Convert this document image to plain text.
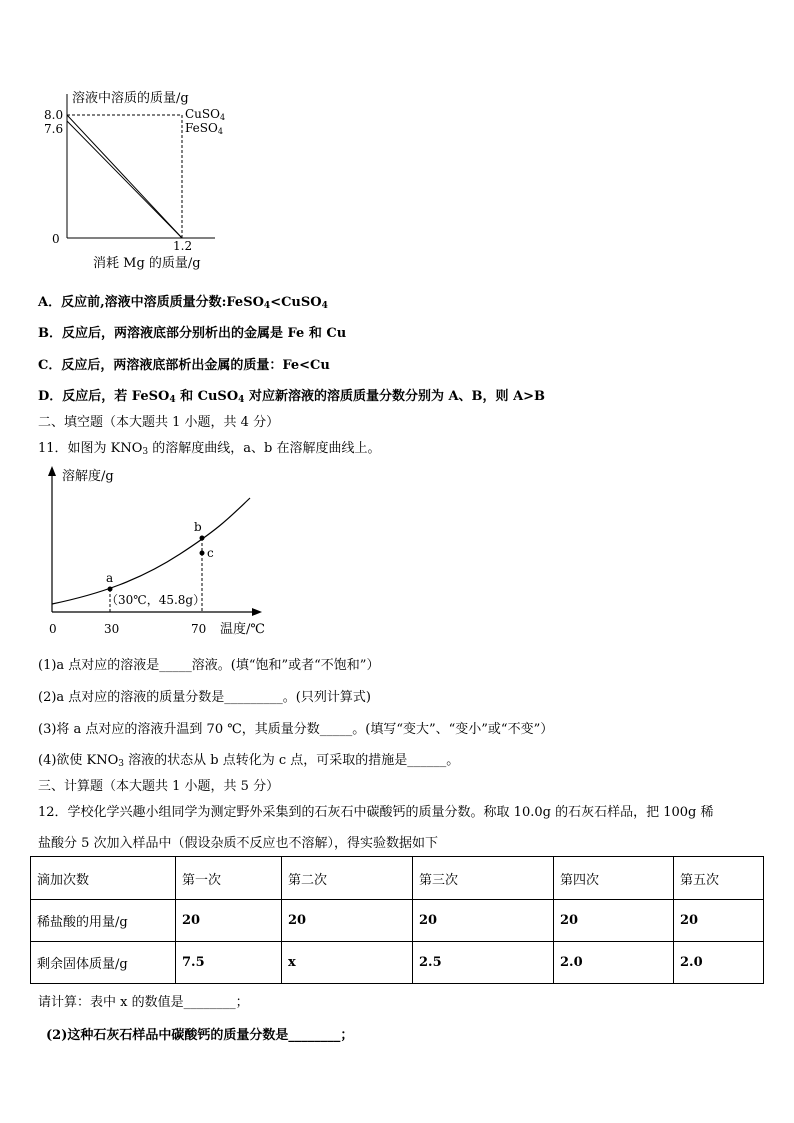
溶液中溶质的质量/g
8.0
7.6
0	1.2
消耗 Mg 的质量/g
CuSO4
FeSO4
A．反应前,溶液中溶质质量分数:FeSO$_4$<CuSO$_4$
B．反应后，两溶液底部分别析出的金属是 Fe 和 Cu
C．反应后，两溶液底部析出金属的质量：Fe<Cu
D．反应后，若 FeSO$_4$ 和 CuSO$_4$ 对应新溶液的溶质质量分数分别为 A、B，则 A>B
二、填空题（本大题共 1 小题，共 4 分）
11．如图为 $KNO_3$ 的溶解度曲线，a、b 在溶解度曲线上。
溶解度/g
a
b
c
（30℃，45.8g）
0	30	70 温度/℃
(1)a 点对应的溶液是_____溶液。(填“饱和”或者“不饱和”）
(2)a 点对应的溶液的质量分数是_________。(只列计算式)
(3)将 a 点对应的溶液升温到 70 ℃，其质量分数_____。(填写“变大”、“变小”或“不变”）
(4)欲使 $KNO_3$ 溶液的状态从 b 点转化为 c 点，可采取的措施是______。
三、计算题（本大题共 1 小题，共 5 分）
12．学校化学兴趣小组同学为测定野外采集到的石灰石中碳酸钙的质量分数。称取 10.0g 的石灰石样品，把 100g 稀
盐酸分 5 次加入样品中（假设杂质不反应也不溶解），得实验数据如下
滴加次数	第一次	第二次	第三次	第四次	第五次
稀盐酸的用量/g	20	20	20	20	20
剩余固体质量/g	7.5	x	2.5	2.0	2.0
请计算：表中 x 的数值是________；
(2)这种石灰石样品中碳酸钙的质量分数是________；
